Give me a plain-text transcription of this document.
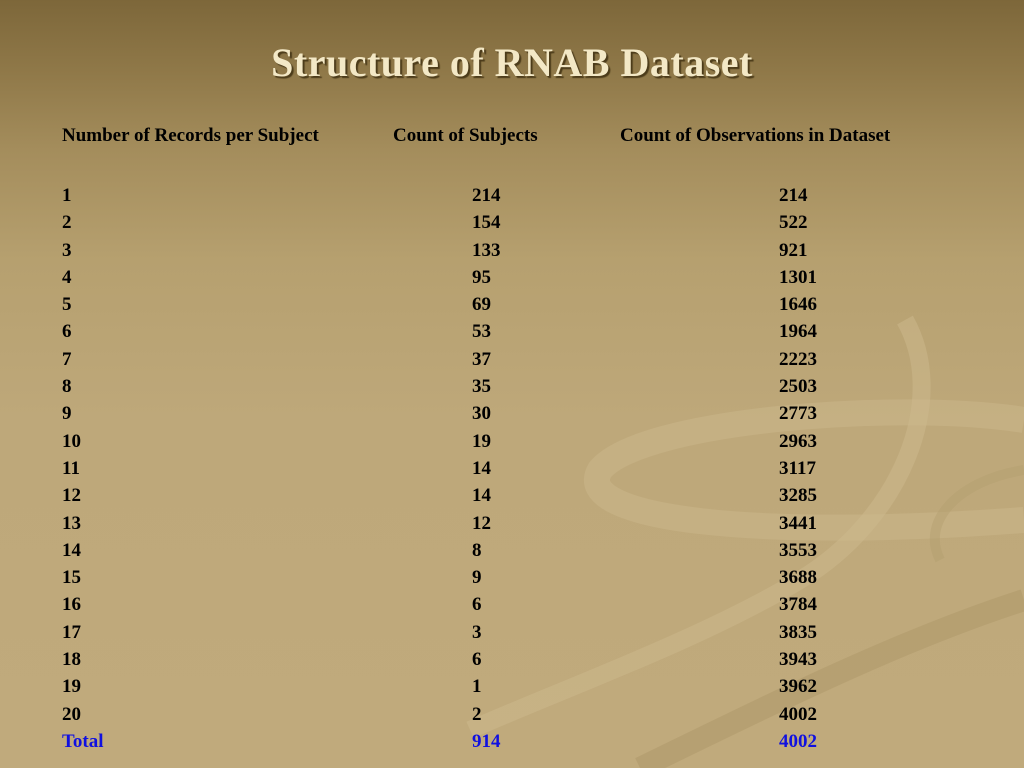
Structure of RNAB Dataset
Number of Records per Subject	Count of Subjects	Count of Observations in Dataset
1	214	214
2	154	522
3	133	921
4	95	1301
5	69	1646
6	53	1964
7	37	2223
8	35	2503
9	30	2773
10	19	2963
11	14	3117
12	14	3285
13	12	3441
14	8	3553
15	9	3688
16	6	3784
17	3	3835
18	6	3943
19	1	3962
20	2	4002
Total	914	4002
